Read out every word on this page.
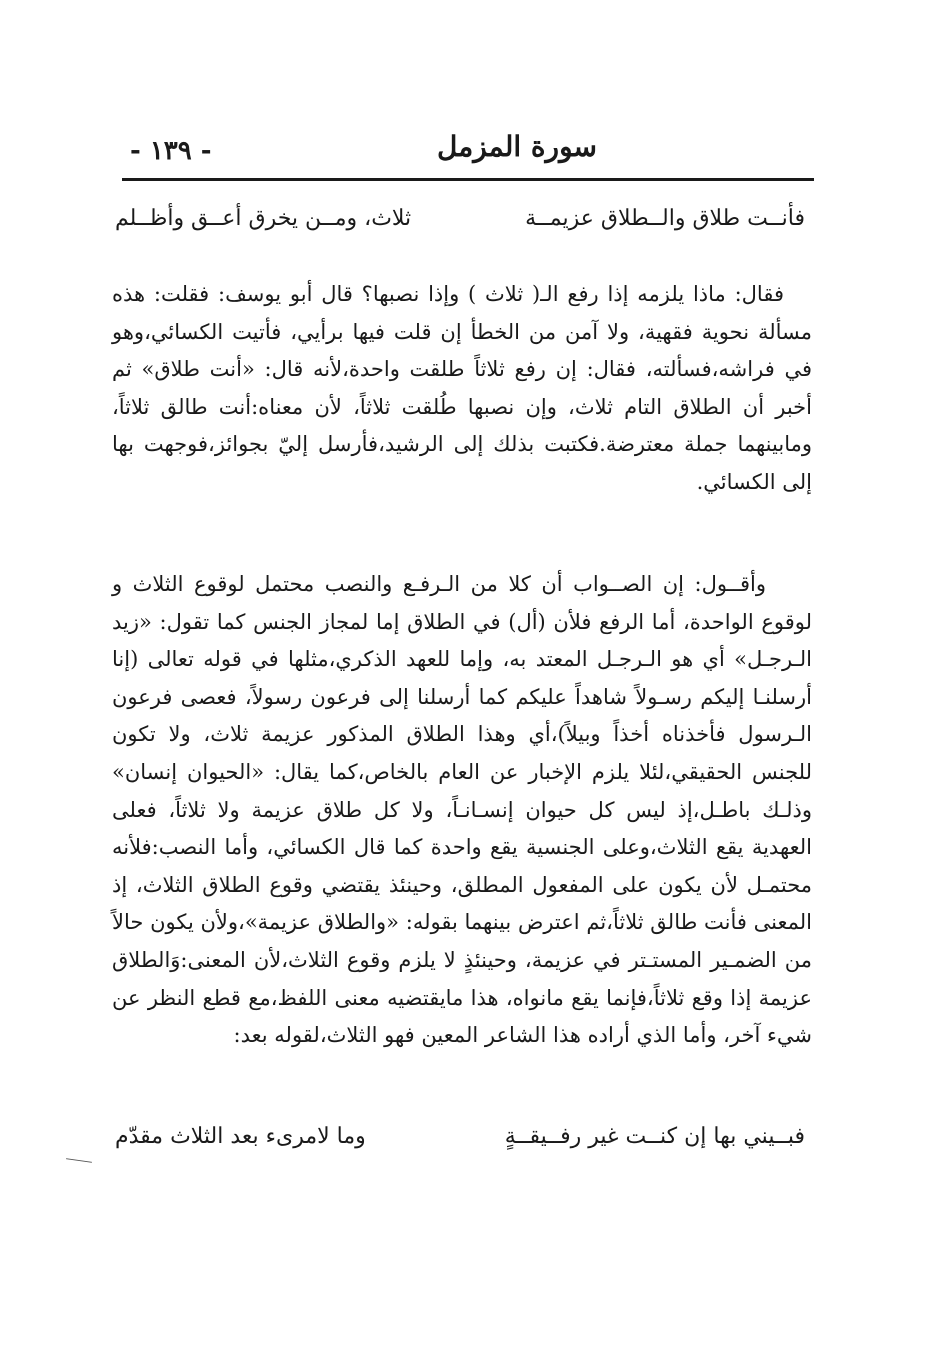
سورة المزمل
- ١٣٩ -
فأنــت طلاق والــطلاق عزيمــة
ثلاث، ومــن يخرق أعــق وأظــلم
فقال: ماذا يلزمه إذا رفع الـ( ثلاث ) وإذا نصبها؟ قال أبو يوسف: فقلت: هذه مسألة نحوية فقهية، ولا آمن من الخطأ إن قلت فيها برأيي، فأتيت الكسائي،وهو في فراشه،فسألته، فقال: إن رفع ثلاثاً طلقت واحدة،لأنه قال: «أنت طلاق» ثم أخبر أن الطلاق التام ثلاث، وإن نصبها طُلقت ثلاثاً، لأن معناه:أنت طالق ثلاثاً، ومابينهما جملة معترضة.فكتبت بذلك إلى الرشيد،فأرسل إليّ بجوائز،فوجهت بها إلى الكسائي.
وأقــول: إن الصــواب أن كلا من الـرفـع والنصب محتمل لوقوع الثلاث و لوقوع الواحدة، أما الرفع فلأن (أل) في الطلاق إما لمجاز الجنس كما تقول: «زيد الـرجـل» أي هو الـرجـل المعتد به، وإما للعهد الذكري،مثلها في قوله تعالى (إنا أرسلنـا إليكم رسـولاً شاهداً عليكم كما أرسلنا إلى فرعون رسولاً، فعصى فرعون الـرسول فأخذناه أخذاً وبيلاً)،أي وهذا الطلاق المذكور عزيمة ثلاث، ولا تكون للجنس الحقيقي،لئلا يلزم الإخبار عن العام بالخاص،كما يقال: «الحيوان إنسان» وذلـك باطـل،إذ ليس كل حيوان إنسـانـاً، ولا كل طلاق عزيمة ولا ثلاثاً، فعلى العهدية يقع الثلاث،وعلى الجنسية يقع واحدة كما قال الكسائي، وأما النصب:فلأنه محتمـل لأن يكون على المفعول المطلق، وحينئذ يقتضي وقوع الطلاق الثلاث، إذ المعنى فأنت طالق ثلاثاً،ثم اعترض بينهما بقوله: «والطلاق عزيمة»،ولأن يكون حالاً من الضمـير المستـتر في عزيمة، وحينئذٍ لا يلزم وقوع الثلاث،لأن المعنى:وَالطلاق عزيمة إذا وقع ثلاثاً،فإنما يقع مانواه، هذا مايقتضيه معنى اللفظ،مع قطع النظر عن شيء آخر، وأما الذي أراده هذا الشاعر المعين فهو الثلاث،لقوله بعد:
فبــيني بها إن كنــت غير رفــيقــةٍ
وما لامرىء بعد الثلاث مقدّم
